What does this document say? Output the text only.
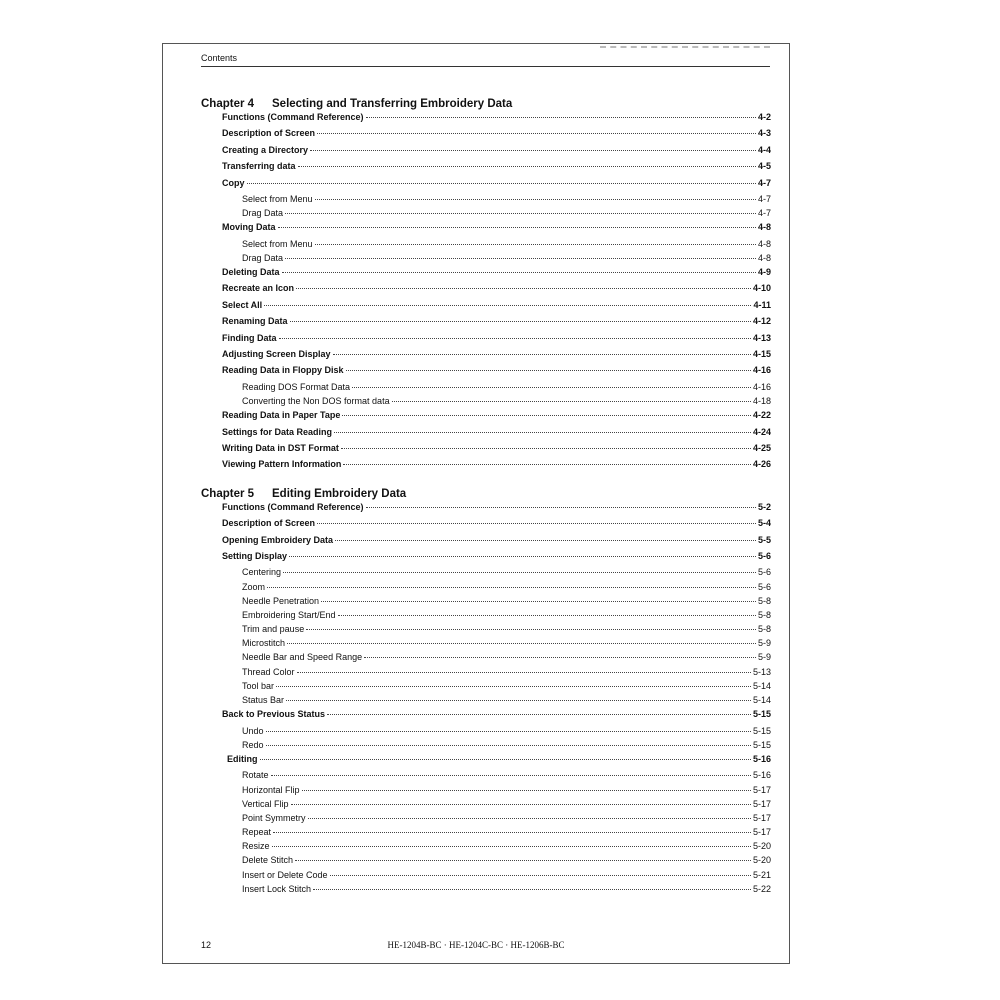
Contents
Chapter 4 Selecting and Transferring Embroidery Data
Functions (Command Reference)	4-2
Description of Screen	4-3
Creating a Directory	4-4
Transferring data	4-5
Copy	4-7
Select from Menu	4-7
Drag Data	4-7
Moving Data	4-8
Select from Menu	4-8
Drag Data	4-8
Deleting Data	4-9
Recreate an Icon	4-10
Select All	4-11
Renaming Data	4-12
Finding Data	4-13
Adjusting Screen Display	4-15
Reading Data in Floppy Disk	4-16
Reading DOS Format Data	4-16
Converting the Non DOS format data	4-18
Reading Data in Paper Tape	4-22
Settings for Data Reading	4-24
Writing Data in DST Format	4-25
Viewing Pattern Information	4-26
Chapter 5 Editing Embroidery Data
Functions (Command Reference)	5-2
Description of Screen	5-4
Opening Embroidery Data	5-5
Setting Display	5-6
Centering	5-6
Zoom	5-6
Needle Penetration	5-8
Embroidering Start/End	5-8
Trim and pause	5-8
Microstitch	5-9
Needle Bar and Speed Range	5-9
Thread Color	5-13
Tool bar	5-14
Status Bar	5-14
Back to Previous Status	5-15
Undo	5-15
Redo	5-15
Editing	5-16
Rotate	5-16
Horizontal Flip	5-17
Vertical Flip	5-17
Point Symmetry	5-17
Repeat	5-17
Resize	5-20
Delete Stitch	5-20
Insert or Delete Code	5-21
Insert Lock Stitch	5-22
12	HE-1204B-BC · HE-1204C-BC · HE-1206B-BC
